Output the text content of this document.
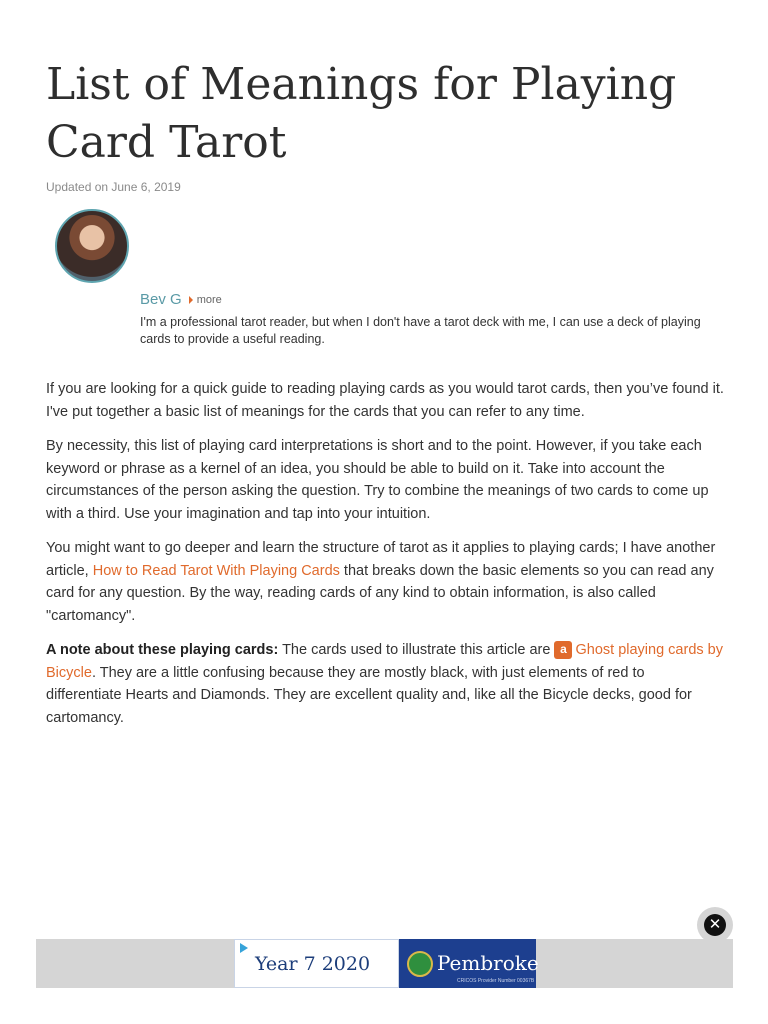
List of Meanings for Playing Card Tarot
Updated on June 6, 2019
Bev G more
I'm a professional tarot reader, but when I don't have a tarot deck with me, I can use a deck of playing cards to provide a useful reading.

If you are looking for a quick guide to reading playing cards as you would tarot cards, then you’ve found it. I've put together a basic list of meanings for the cards that you can refer to any time.

By necessity, this list of playing card interpretations is short and to the point. However, if you take each keyword or phrase as a kernel of an idea, you should be able to build on it. Take into account the circumstances of the person asking the question. Try to combine the meanings of two cards to come up with a third. Use your imagination and tap into your intuition.

You might want to go deeper and learn the structure of tarot as it applies to playing cards; I have another article, How to Read Tarot With Playing Cards that breaks down the basic elements so you can read any card for any question. By the way, reading cards of any kind to obtain information, is also called "cartomancy".

A note about these playing cards: The cards used to illustrate this article are a Ghost playing cards by Bicycle. They are a little confusing because they are mostly black, with just elements of red to differentiate Hearts and Diamonds. They are excellent quality and, like all the Bicycle decks, good for cartomancy.

✕
Year 7 2020	Pembroke
CRICOS Provider Number 00367B
